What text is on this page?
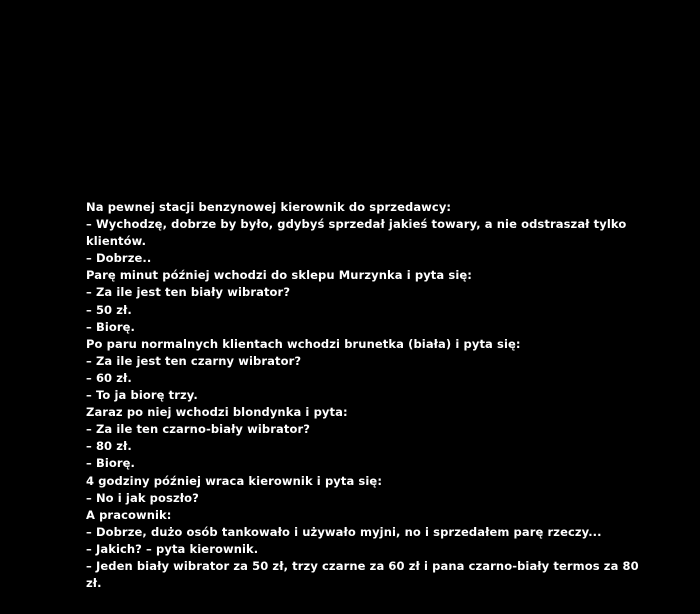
Na pewnej stacji benzynowej kierownik do sprzedawcy:
– Wychodzę, dobrze by było, gdybyś sprzedał jakieś towary, a nie odstraszał tylko klientów.
– Dobrze..
Parę minut później wchodzi do sklepu Murzynka i pyta się:
– Za ile jest ten biały wibrator?
– 50 zł.
– Biorę.
Po paru normalnych klientach wchodzi brunetka (biała) i pyta się:
– Za ile jest ten czarny wibrator?
– 60 zł.
– To ja biorę trzy.
Zaraz po niej wchodzi blondynka i pyta:
– Za ile ten czarno-biały wibrator?
– 80 zł.
– Biorę.
4 godziny później wraca kierownik i pyta się:
– No i jak poszło?
A pracownik:
– Dobrze, dużo osób tankowało i używało myjni, no i sprzedałem parę rzeczy...
– Jakich? – pyta kierownik.
– Jeden biały wibrator za 50 zł, trzy czarne za 60 zł i pana czarno-biały termos za 80 zł.
